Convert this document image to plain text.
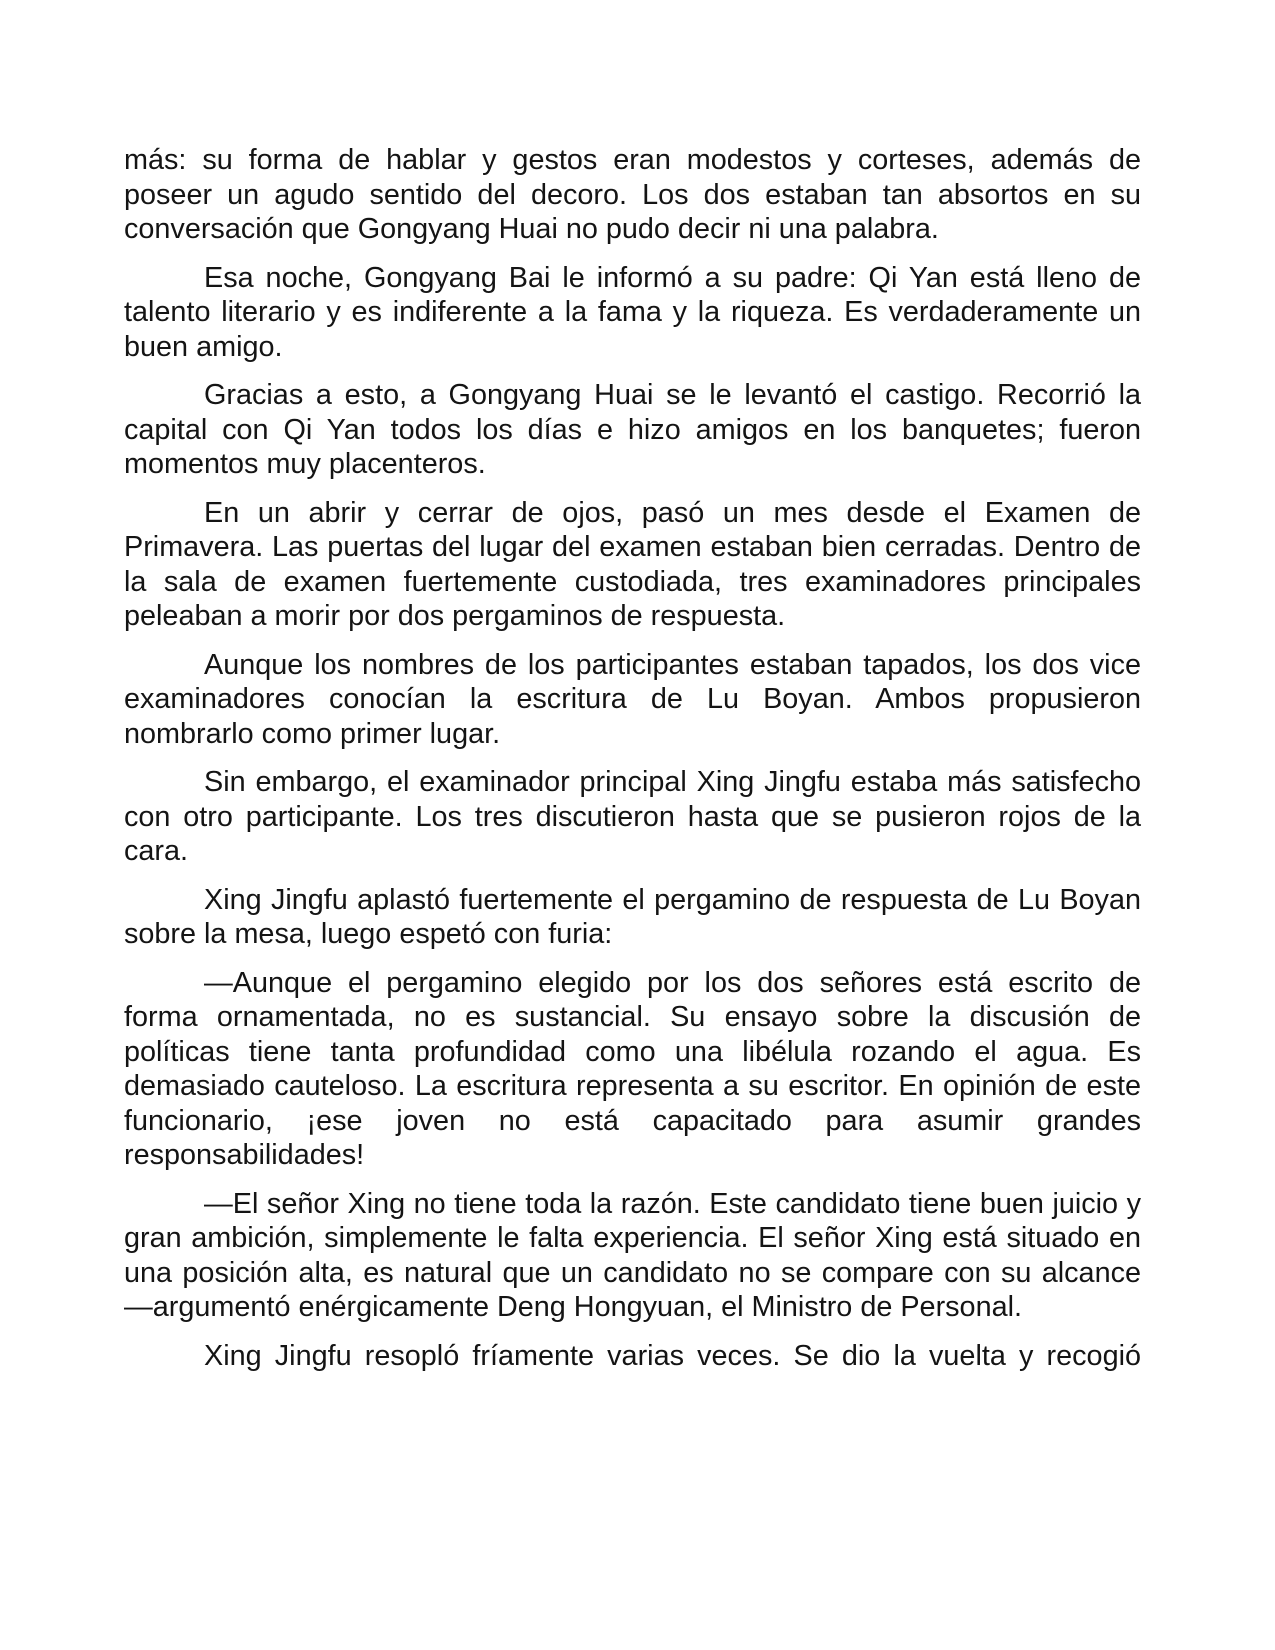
más: su forma de hablar y gestos eran modestos y corteses, además de poseer un agudo sentido del decoro. Los dos estaban tan absortos en su conversación que Gongyang Huai no pudo decir ni una palabra.

Esa noche, Gongyang Bai le informó a su padre: Qi Yan está lleno de talento literario y es indiferente a la fama y la riqueza. Es verdaderamente un buen amigo.

Gracias a esto, a Gongyang Huai se le levantó el castigo. Recorrió la capital con Qi Yan todos los días e hizo amigos en los banquetes; fueron momentos muy placenteros.

En un abrir y cerrar de ojos, pasó un mes desde el Examen de Primavera. Las puertas del lugar del examen estaban bien cerradas. Dentro de la sala de examen fuertemente custodiada, tres examinadores principales peleaban a morir por dos pergaminos de respuesta.

Aunque los nombres de los participantes estaban tapados, los dos vice examinadores conocían la escritura de Lu Boyan. Ambos propusieron nombrarlo como primer lugar.

Sin embargo, el examinador principal Xing Jingfu estaba más satisfecho con otro participante. Los tres discutieron hasta que se pusieron rojos de la cara.

Xing Jingfu aplastó fuertemente el pergamino de respuesta de Lu Boyan sobre la mesa, luego espetó con furia:

—Aunque el pergamino elegido por los dos señores está escrito de forma ornamentada, no es sustancial. Su ensayo sobre la discusión de políticas tiene tanta profundidad como una libélula rozando el agua. Es demasiado cauteloso. La escritura representa a su escritor. En opinión de este funcionario, ¡ese joven no está capacitado para asumir grandes responsabilidades!

—El señor Xing no tiene toda la razón. Este candidato tiene buen juicio y gran ambición, simplemente le falta experiencia. El señor Xing está situado en una posición alta, es natural que un candidato no se compare con su alcance —argumentó enérgicamente Deng Hongyuan, el Ministro de Personal.

Xing Jingfu resopló fríamente varias veces. Se dio la vuelta y recogió
